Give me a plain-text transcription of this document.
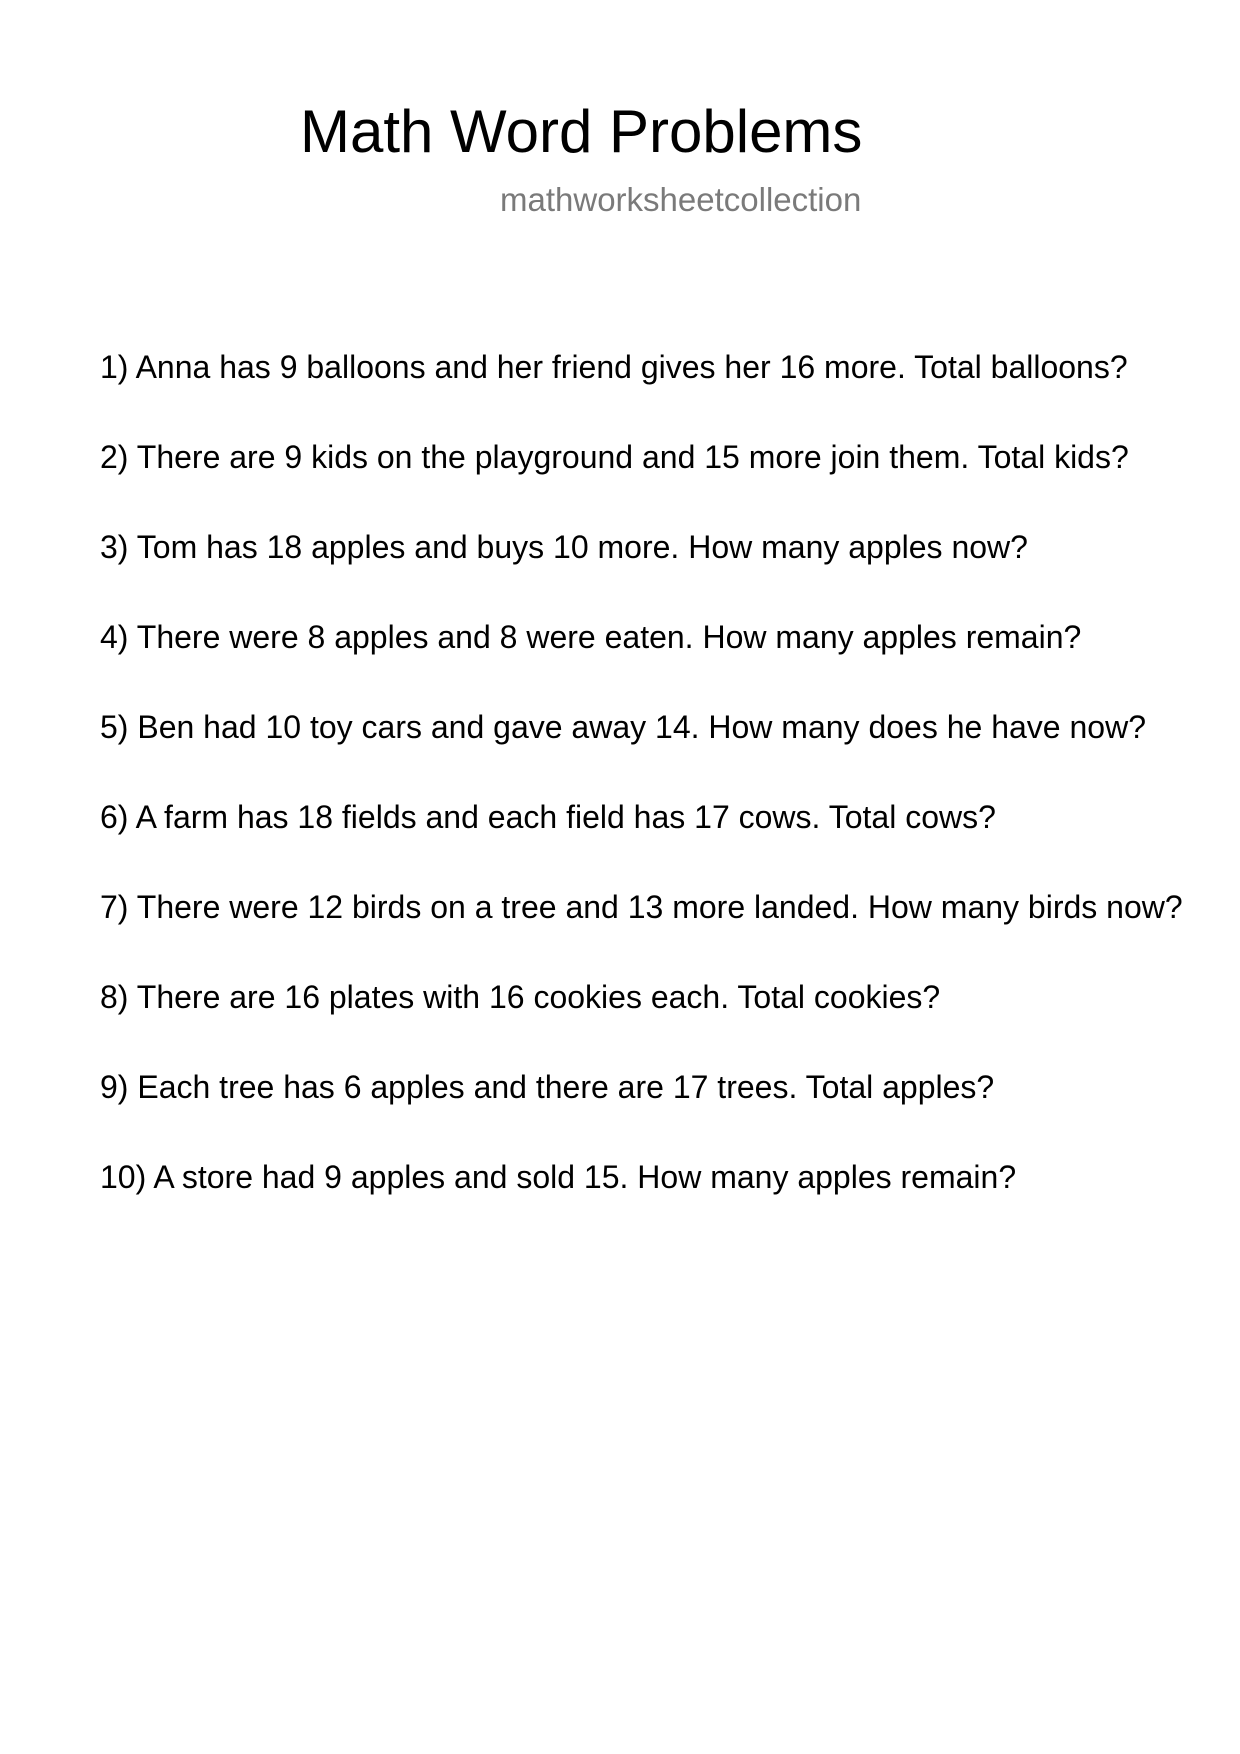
Math Word Problems
mathworksheetcollection
1) Anna has 9 balloons and her friend gives her 16 more. Total balloons?
2) There are 9 kids on the playground and 15 more join them. Total kids?
3) Tom has 18 apples and buys 10 more. How many apples now?
4) There were 8 apples and 8 were eaten. How many apples remain?
5) Ben had 10 toy cars and gave away 14. How many does he have now?
6) A farm has 18 fields and each field has 17 cows. Total cows?
7) There were 12 birds on a tree and 13 more landed. How many birds now?
8) There are 16 plates with 16 cookies each. Total cookies?
9) Each tree has 6 apples and there are 17 trees. Total apples?
10) A store had 9 apples and sold 15. How many apples remain?
